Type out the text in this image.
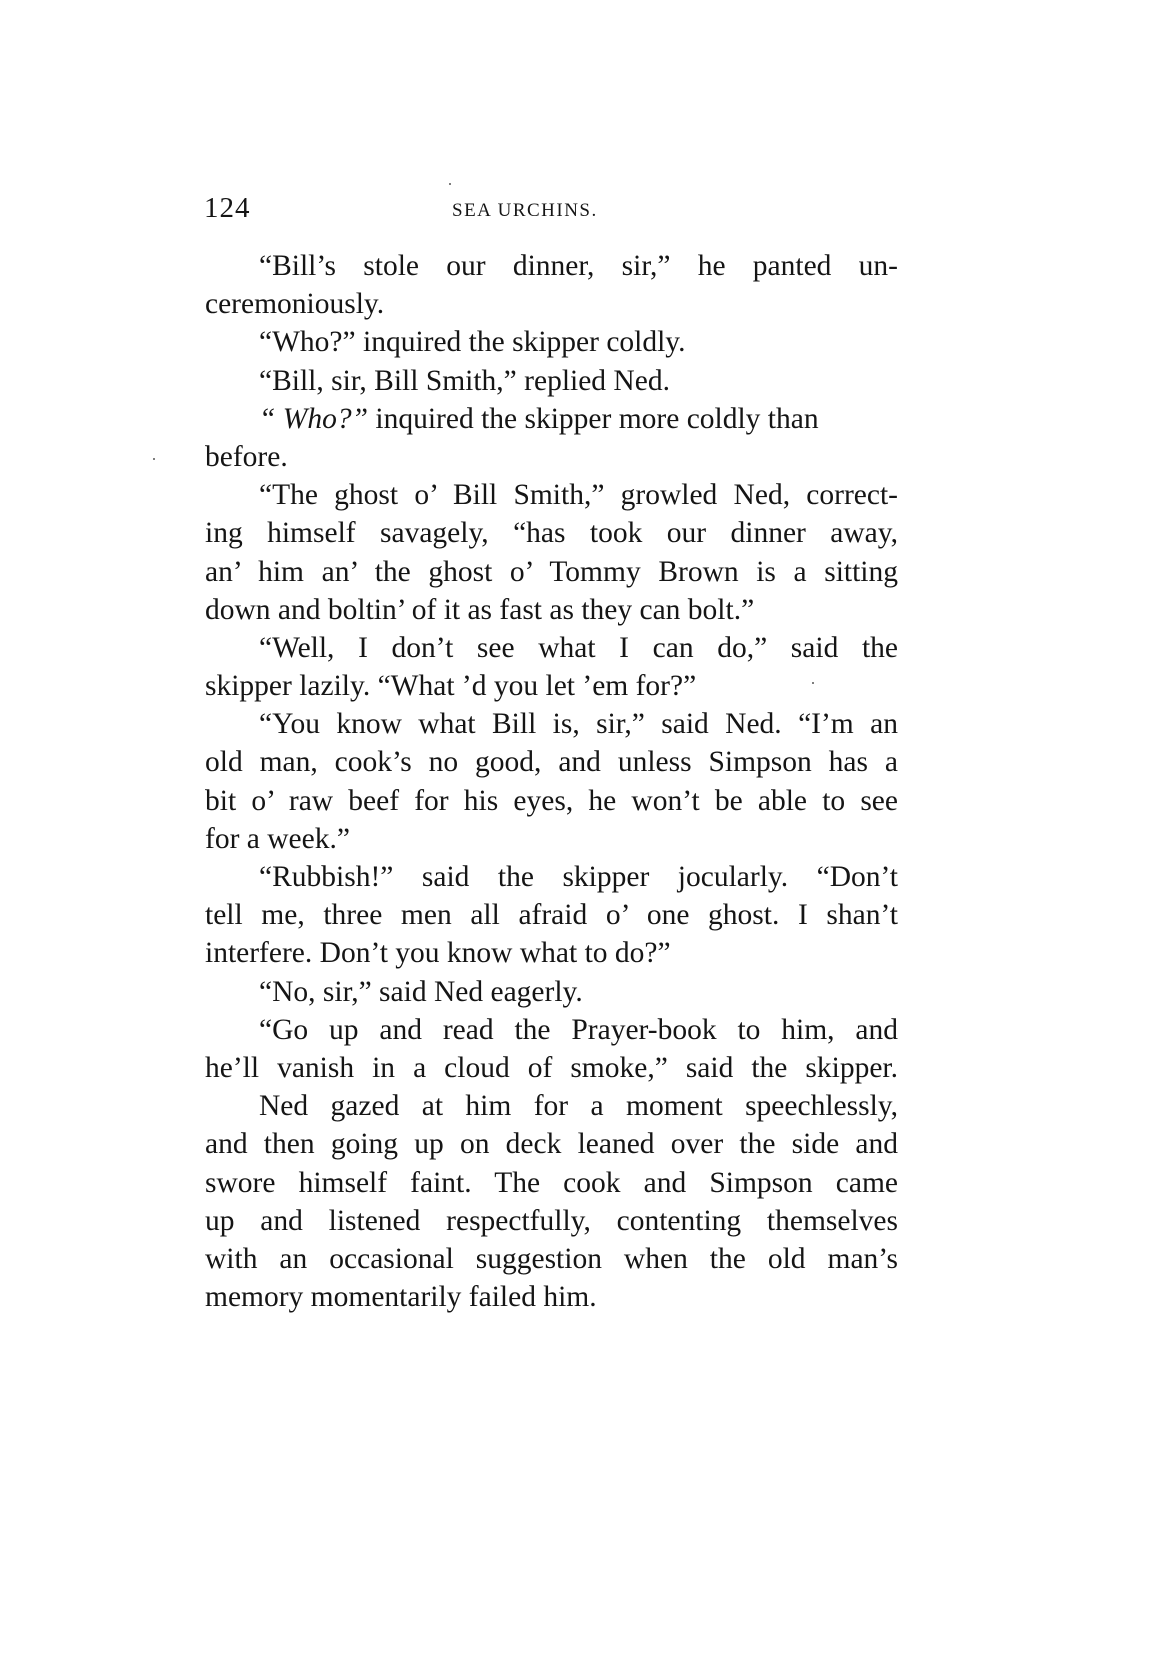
124	SEA URCHINS.
“Bill’s stole our dinner, sir,” he panted un-
ceremoniously.
“Who?” inquired the skipper coldly.
“Bill, sir, Bill Smith,” replied Ned.
“ Who?” inquired the skipper more coldly than
before.
“The ghost o’ Bill Smith,” growled Ned, correct-
ing himself savagely, “has took our dinner away,
an’ him an’ the ghost o’ Tommy Brown is a sitting
down and boltin’ of it as fast as they can bolt.”
“Well, I don’t see what I can do,” said the
skipper lazily. “What ’d you let ’em for?”
“You know what Bill is, sir,” said Ned. “I’m an
old man, cook’s no good, and unless Simpson has a
bit o’ raw beef for his eyes, he won’t be able to see
for a week.”
“Rubbish!” said the skipper jocularly. “Don’t
tell me, three men all afraid o’ one ghost. I shan’t
interfere. Don’t you know what to do?”
“No, sir,” said Ned eagerly.
“Go up and read the Prayer-book to him, and
he’ll vanish in a cloud of smoke,” said the skipper.
Ned gazed at him for a moment speechlessly,
and then going up on deck leaned over the side and
swore himself faint. The cook and Simpson came
up and listened respectfully, contenting themselves
with an occasional suggestion when the old man’s
memory momentarily failed him.
